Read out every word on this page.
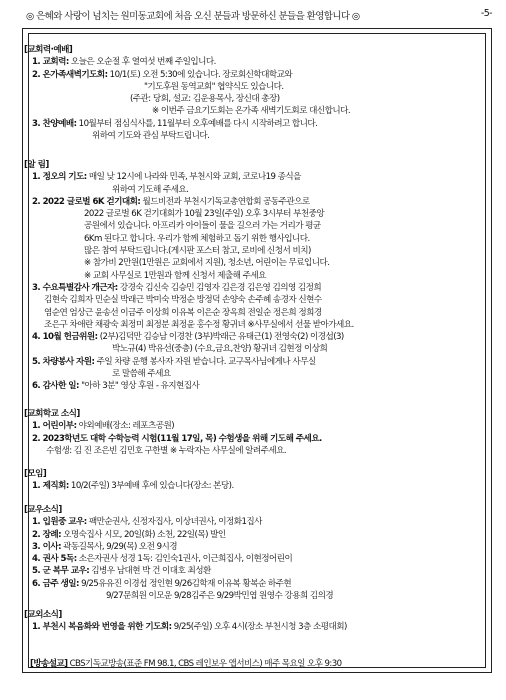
◎ 은혜와 사랑이 넘치는 원미동교회에 처음 오신 분들과 방문하신 분들을 환영합니다 ◎	-5-
[교회력·예배]
1. 교회력: 오늘은 오순절 후 열여섯 번째 주일입니다.
2. 온가족새벽기도회: 10/1(토) 오전 5:30에 있습니다. 장로회신학대학교와
"기도후원 동역교회" 협약식도 있습니다.
(주관: 당회, 설교: 김운용목사, 장신대 총장)
※ 이번주 금요기도회는 온가족 새벽기도회로 대신합니다.
3. 찬양예배: 10월부터 점심식사를, 11월부터 오후예배를 다시 시작하려고 합니다.
위하여 기도와 관심 부탁드립니다.
[알 림]
1. 정오의 기도: 매일 낮 12시에 나라와 민족, 부천시와 교회, 코로나19 종식을
위하여 기도해 주세요.
2. 2022 글로벌 6K 걷기대회: 월드비전과 부천시기독교총연합회 공동주관으로
2022 글로벌 6K 걷기대회가 10월 23일(주일) 오후 3시부터 부천중앙
공원에서 있습니다. 아프리카 아이들이 물을 길으러 가는 거리가 평균
6Km 된다고 합니다. 우리가 함께 체험하고 돕기 위한 행사입니다.
많은 참여 부탁드립니다.(게시판 포스터 참고, 로비에 신청서 비치)
※ 참가비 2만원(1만원은 교회에서 지원), 청소년, 어린이는 무료입니다.
※ 교회 사무실로 1만원과 함께 신청서 제출해 주세요
3. 수요특별감사 개근자: 강경숙 김신숙 김승민 김영자 김은경 김은영 김의영 김정희
김현숙 김희자 민순실 박래근 박미숙 박정순 방정덕 손양숙 손주혜 송경자 신현수
염순연 엄상근 윤송선 이금주 이상희 이유복 이은순 장옥희 전일순 정은희 정희경
조은구 차애란 채광숙 최정미 최정분 최정윤 홍수정 황귀녀 ※사무실에서 선물 받아가세요.
4. 10월 헌금위원: (2부)김덕만 김승남 이경찬 (3부)박래근 유태근(1) 전영숙(2) 이경섭(3)
박노규(4) 박유선(중층) (수요,금요,찬양) 황귀녀 김현정 이상희
5. 차량봉사 자원: 주일 차량 운행 봉사자 자원 받습니다. 교구목사님에게나 사무실
로 말씀해 주세요
6. 감사한 일: "아하 3분" 영상 후원 - 유지현집사
[교회학교 소식]
1. 어린이부: 야외예배(장소: 레포츠공원)
2. 2023학년도 대학 수학능력 시험(11월 17일, 목) 수험생을 위해 기도해 주세요.
수험생: 김 진 조은빈 김민호 구한별 ※ 누락자는 사무실에 알려주세요.
[모임]
1. 제직회: 10/2(주일) 3부예배 후에 있습니다(장소: 본당).
[교우소식]
1. 입원중 교우: 팩만순권사, 신정자집사, 이상녀권사, 이정화1집사
2. 장례: 오명숙집사 시모, 20일(화) 소천, 22일(목) 발인
3. 이사: 곽동길목사, 9/29(목) 오전 9시경
4. 권사 5독: 소은자권사 성경 1독: 김인숙1권사, 이근희집사, 이현정어린이
5. 군 복무 교우: 김병우 남대현 박 건 이대호 최성환
6. 금주 생일: 9/25유유진 이경섭 정인현 9/26김학재 이유복 황복순 하주현
9/27문희원 이모운 9/28김주은 9/29박민엽 원영수 강용희 김의경
[교외소식]
1. 부천시 복음화와 번영을 위한 기도회: 9/25(주일) 오후 4시(장소 부천시청 3층 소평대회)
[방송설교] CBS기독교방송(표준 FM 98.1, CBS 레인보우 앱서비스) 매주 목요일 오후 9:30
